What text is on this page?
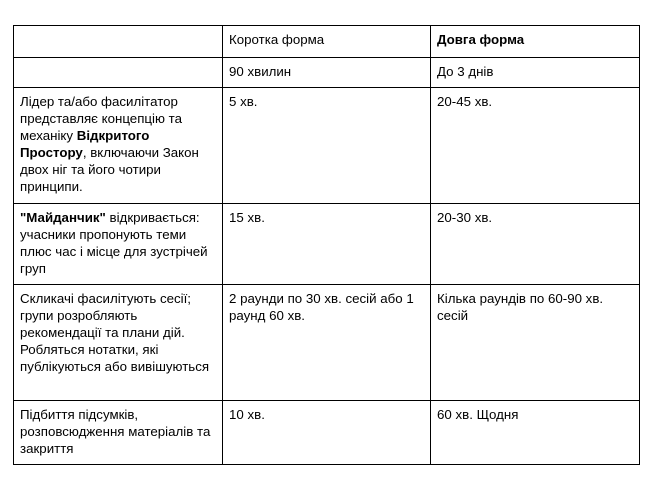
	Коротка форма	Довга форма
	90 хвилин	До 3 днів
Лідер та/або фасилітатор представляє концепцію та механіку Відкритого Простору, включаючи Закон двох ніг та його чотири принципи.	5 хв.	20-45 хв.
"Майданчик" відкривається: учасники пропонують теми плюс час і місце для зустрічей груп	15 хв.	20-30 хв.
Скликачі фасилітують сесії; групи розробляють рекомендації та плани дій. Робляться нотатки, які публікуються або вивішуються	2 раунди по 30 хв. сесій або 1 раунд 60 хв.	Кілька раундів по 60-90 хв. сесій
Підбиття підсумків, розповсюдження матеріалів та закриття	10 хв.	60 хв. Щодня
